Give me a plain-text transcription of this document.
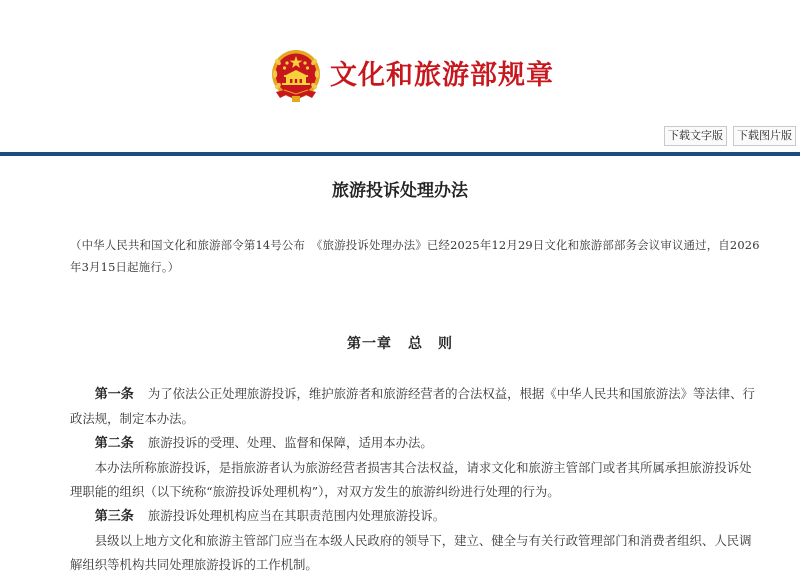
文化和旅游部规章
下载文字版	下载图片版
旅游投诉处理办法
（中华人民共和国文化和旅游部令第14号公布　《旅游投诉处理办法》已经2025年12月29日文化和旅游部部务会议审议通过，自2026年3月15日起施行。）
第一章 总　则

第一条 为了依法公正处理旅游投诉，维护旅游者和旅游经营者的合法权益，根据《中华人民共和国旅游法》等法律、行政法规，制定本办法。

第二条 旅游投诉的受理、处理、监督和保障，适用本办法。

本办法所称旅游投诉，是指旅游者认为旅游经营者损害其合法权益，请求文化和旅游主管部门或者其所属承担旅游投诉处理职能的组织（以下统称“旅游投诉处理机构”），对双方发生的旅游纠纷进行处理的行为。

第三条 旅游投诉处理机构应当在其职责范围内处理旅游投诉。

县级以上地方文化和旅游主管部门应当在本级人民政府的领导下，建立、健全与有关行政管理部门和消费者组织、人民调解组织等机构共同处理旅游投诉的工作机制。
